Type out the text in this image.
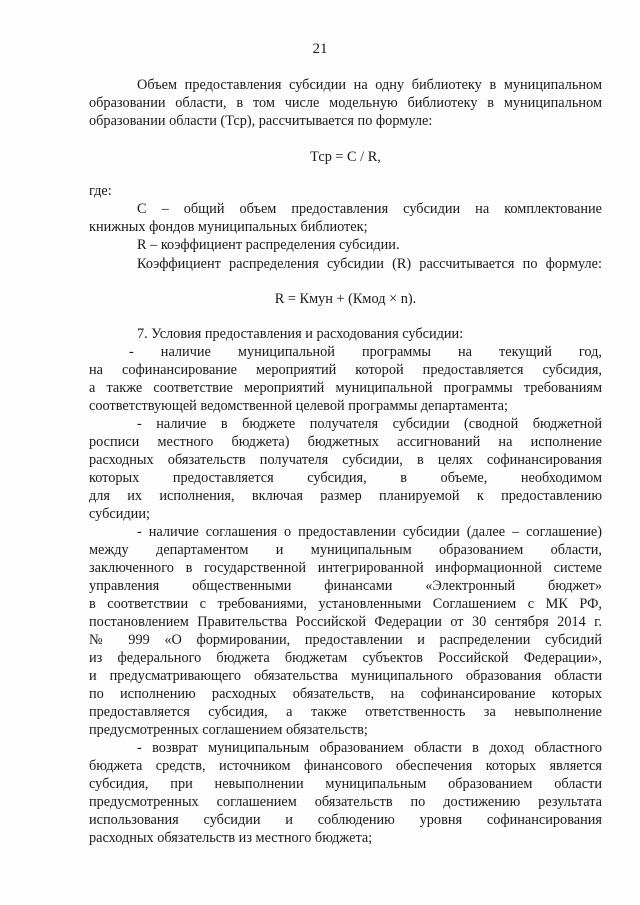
21
Объем предоставления субсидии на одну библиотеку в муниципальном
образовании области, в том числе модельную библиотеку в муниципальном
образовании области (Тср), рассчитывается по формуле:
Тср = С / R,
где:
С – общий объем предоставления субсидии на комплектование
книжных фондов муниципальных библиотек;
R – коэффициент распределения субсидии.
Коэффициент распределения субсидии (R) рассчитывается по формуле:
R = Кмун + (Кмод × n).
7. Условия предоставления и расходования субсидии:
- наличие муниципальной программы на текущий год,
на софинансирование мероприятий которой предоставляется субсидия,
а также соответствие мероприятий муниципальной программы требованиям
соответствующей ведомственной целевой программы департамента;
- наличие в бюджете получателя субсидии (сводной бюджетной
росписи местного бюджета) бюджетных ассигнований на исполнение
расходных обязательств получателя субсидии, в целях софинансирования
которых предоставляется субсидия, в объеме, необходимом
для их исполнения, включая размер планируемой к предоставлению
субсидии;
- наличие соглашения о предоставлении субсидии (далее – соглашение)
между департаментом и муниципальным образованием области,
заключенного в государственной интегрированной информационной системе
управления общественными финансами «Электронный бюджет»
в соответствии с требованиями, установленными Соглашением с МК РФ,
постановлением Правительства Российской Федерации от 30 сентября 2014 г.
№ 999 «О формировании, предоставлении и распределении субсидий
из федерального бюджета бюджетам субъектов Российской Федерации»,
и предусматривающего обязательства муниципального образования области
по исполнению расходных обязательств, на софинансирование которых
предоставляется субсидия, а также ответственность за невыполнение
предусмотренных соглашением обязательств;
- возврат муниципальным образованием области в доход областного
бюджета средств, источником финансового обеспечения которых является
субсидия, при невыполнении муниципальным образованием области
предусмотренных соглашением обязательств по достижению результата
использования субсидии и соблюдению уровня софинансирования
расходных обязательств из местного бюджета;
